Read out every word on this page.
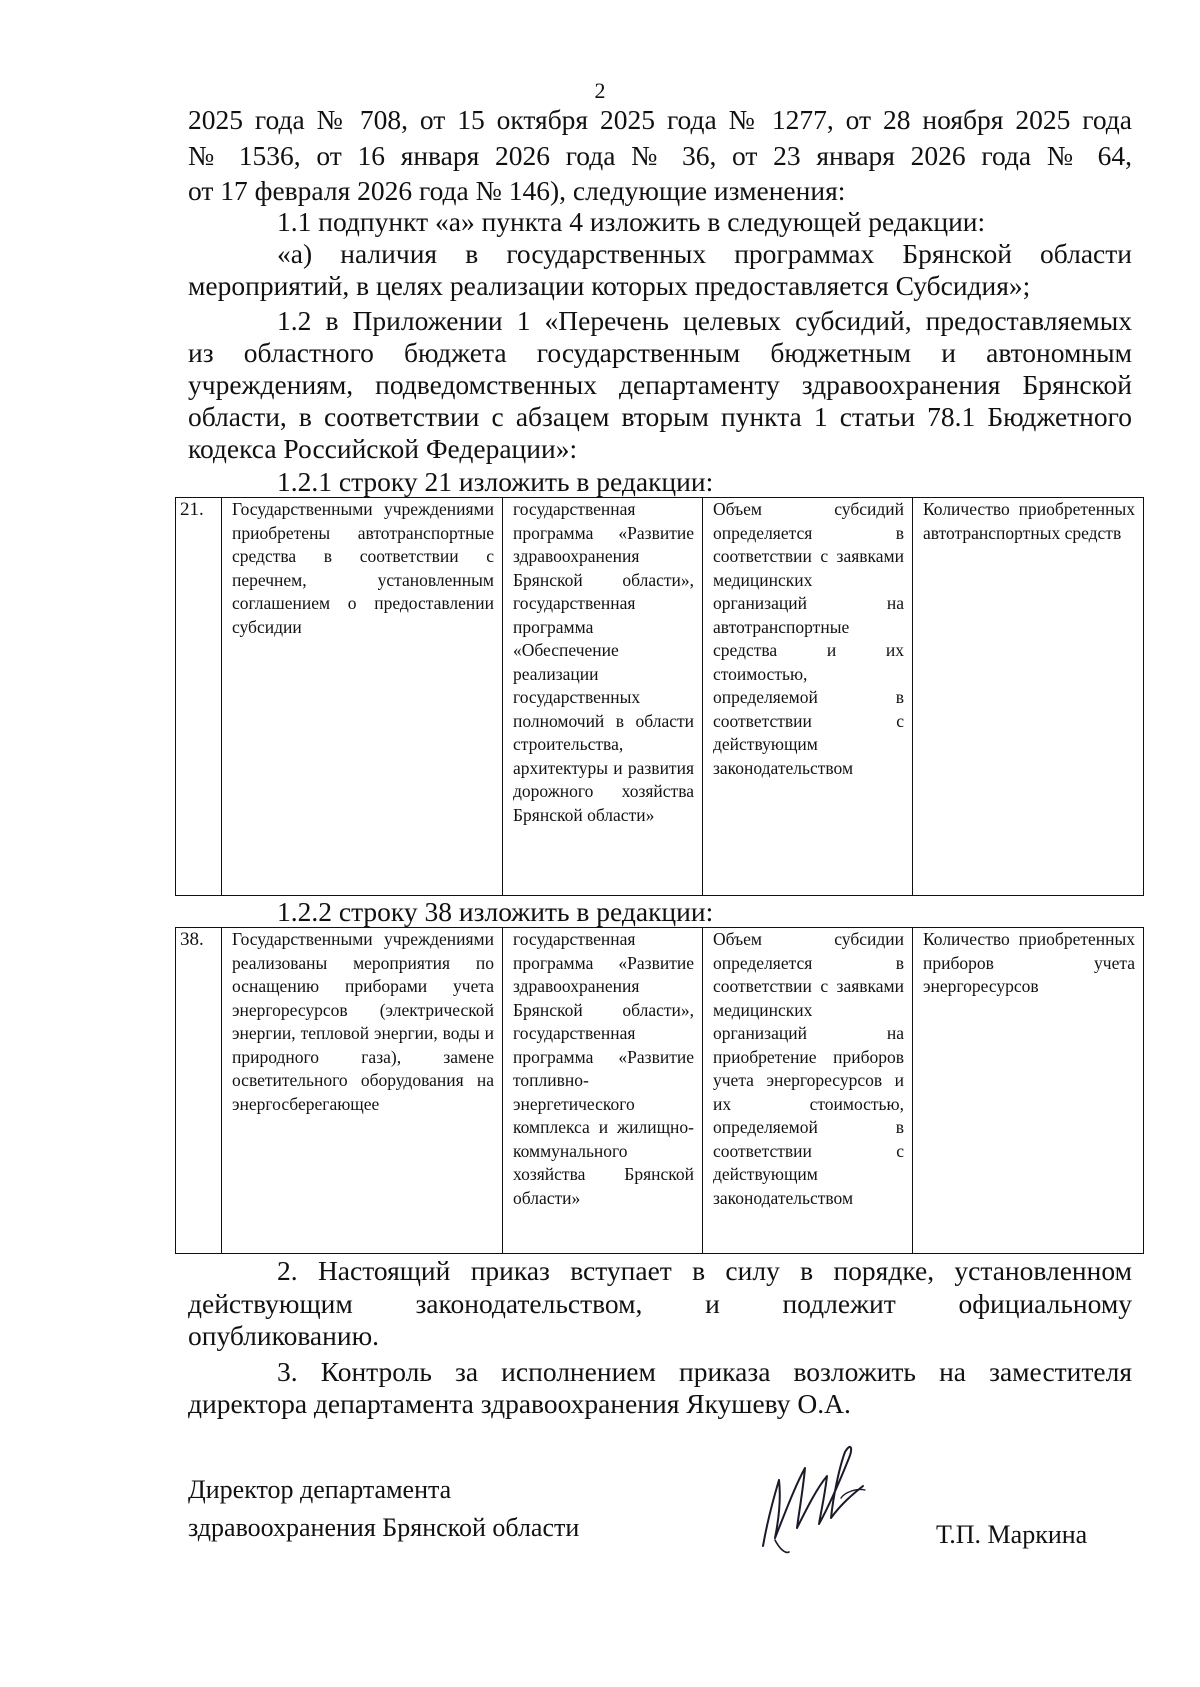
2
2025 года № 708, от 15 октября 2025 года № 1277, от 28 ноября 2025 года
№ 1536, от 16 января 2026 года № 36, от 23 января 2026 года № 64,
от 17 февраля 2026 года № 146), следующие изменения:
1.1 подпункт «а» пункта 4 изложить в следующей редакции:
«а) наличия в государственных программах Брянской области
мероприятий, в целях реализации которых предоставляется Субсидия»;
1.2 в Приложении 1 «Перечень целевых субсидий, предоставляемых
из областного бюджета государственным бюджетным и автономным
учреждениям, подведомственных департаменту здравоохранения Брянской
области, в соответствии с абзацем вторым пункта 1 статьи 78.1 Бюджетного
кодекса Российской Федерации»:
1.2.1 строку 21 изложить в редакции:
21.	Государственными учреждениями приобретены автотранспортные средства в соответствии с перечнем, установленным соглашением о предоставлении субсидии	государственная программа «Развитие здравоохранения Брянской области», государственная программа «Обеспечение реализации государственных полномочий в области строительства, архитектуры и развития дорожного хозяйства Брянской области»	Объем субсидий определяется в соответствии с заявками медицинских организаций на автотранспортные средства и их стоимостью, определяемой в соответствии с действующим законодательством	Количество приобретенных автотранспортных средств
1.2.2 строку 38 изложить в редакции:
38.	Государственными учреждениями реализованы мероприятия по оснащению приборами учета энергоресурсов (электрической энергии, тепловой энергии, воды и природного газа), замене осветительного оборудования на энергосберегающее	государственная программа «Развитие здравоохранения Брянской области», государственная программа «Развитие топливно-энергетического комплекса и жилищно-коммунального хозяйства Брянской области»	Объем субсидии определяется в соответствии с заявками медицинских организаций на приобретение приборов учета энергоресурсов и их стоимостью, определяемой в соответствии с действующим законодательством	Количество приобретенных приборов учета энергоресурсов
2. Настоящий приказ вступает в силу в порядке, установленном
действующим законодательством, и подлежит официальному
опубликованию.
3. Контроль за исполнением приказа возложить на заместителя
директора департамента здравоохранения Якушеву О.А.
Директор департамента
здравоохранения Брянской области	Т.П. Маркина
